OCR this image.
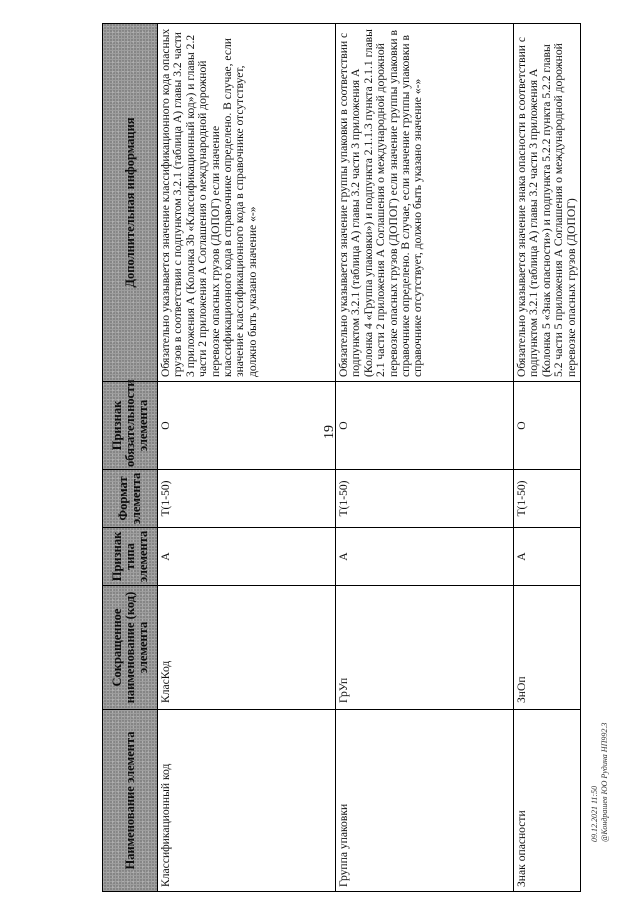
19
09.12.2021 11:50 @Кондрашев ЮО Рудина НП992.3
Наименование элемента	Сокращенное наименование (код) элемента	Признак типа элемента	Формат элемента	Признак обязательности элемента	Дополнительная информация
Классификационный код	КласКод	А	T(1-50)	О	Обязательно указывается значение классификационного кода опасных грузов в соответствии с подпунктом 3.2.1 (таблица А) главы 3.2 части 3 приложения А (Колонка 3b «Классификационный код») и главы 2.2 части 2 приложения А Соглашения о международной дорожной перевозке опасных грузов (ДОПОГ) если значение классификационного кода в справочнике определено. В случае, если значение классификационного кода в справочнике отсутствует, должно быть указано значение «-»
Группа упаковки	ГрУп	А	T(1-50)	О	Обязательно указывается значение группы упаковки в соответствии с подпунктом 3.2.1 (таблица А) главы 3.2 части 3 приложения А (Колонка 4 «Группа упаковки») и подпункта 2.1.1.3 пункта 2.1.1 главы 2.1 части 2 приложения А Соглашения о международной дорожной перевозке опасных грузов (ДОПОГ) если значение группы упаковки в справочнике определено. В случае, если значение группы упаковки в справочнике отсутствует, должно быть указано значение «-»
Знак опасности	ЗнОп	А	T(1-50)	О	Обязательно указывается значение знака опасности в соответствии с подпунктом 3.2.1 (таблица А) главы 3.2 части 3 приложения А (Колонка 5 «Знак опасности») и подпункта 5.2.2 пункта 5.2.2 главы 5.2 части 5 приложения А Соглашения о международной дорожной перевозке опасных грузов (ДОПОГ)
